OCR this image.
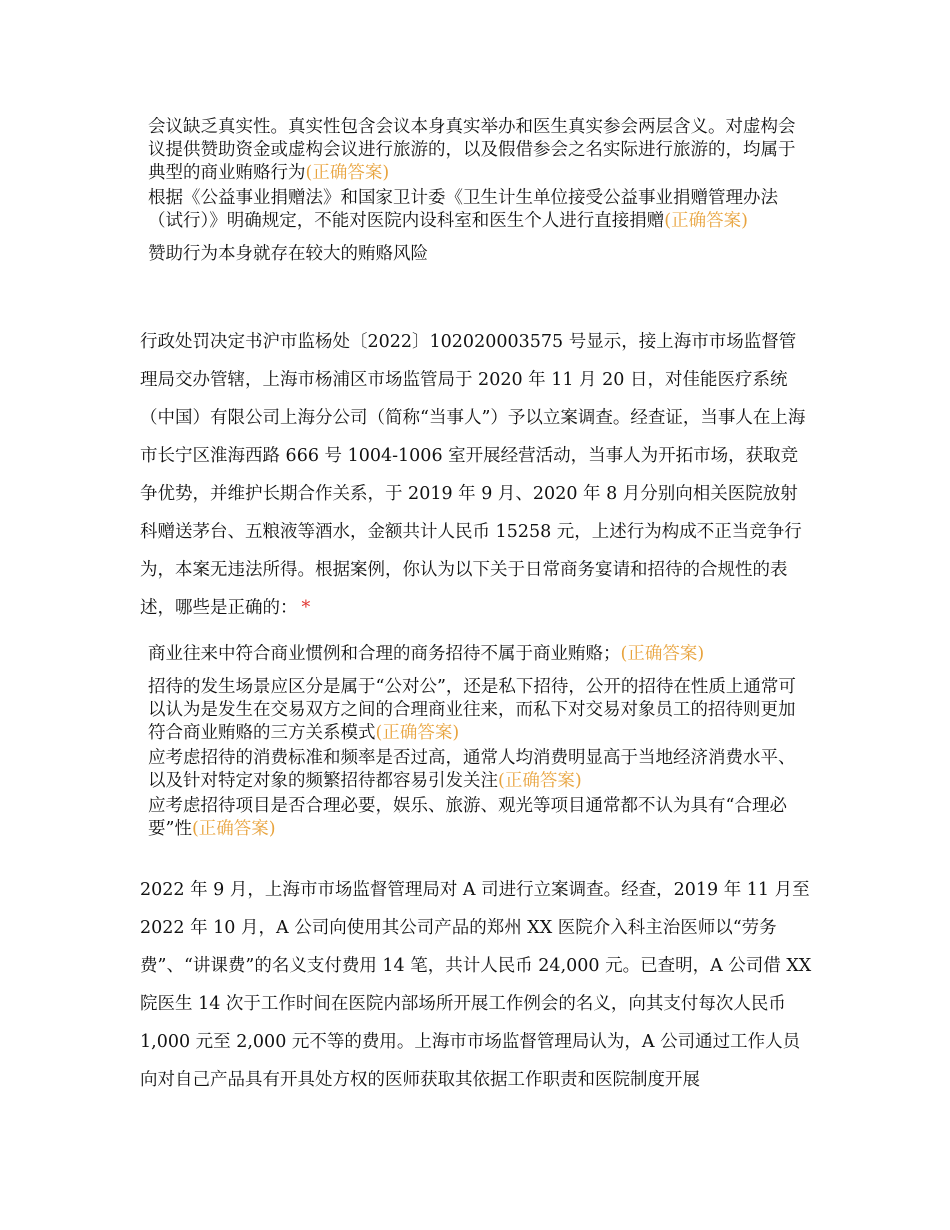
会议缺乏真实性。真实性包含会议本身真实举办和医生真实参会两层含义。对虚构会议提供赞助资金或虚构会议进行旅游的，以及假借参会之名实际进行旅游的，均属于典型的商业贿赂行为(正确答案)
根据《公益事业捐赠法》和国家卫计委《卫生计生单位接受公益事业捐赠管理办法（试行）》明确规定，不能对医院内设科室和医生个人进行直接捐赠(正确答案)
赞助行为本身就存在较大的贿赂风险
行政处罚决定书沪市监杨处〔2022〕102020003575 号显示，接上海市市场监督管理局交办管辖，上海市杨浦区市场监管局于 2020 年 11 月 20 日，对佳能医疗系统（中国）有限公司上海分公司（简称“当事人”）予以立案调查。经查证，当事人在上海市长宁区淮海西路 666 号 1004-1006 室开展经营活动，当事人为开拓市场，获取竞争优势，并维护长期合作关系，于 2019 年 9 月、2020 年 8 月分别向相关医院放射科赠送茅台、五粮液等酒水，金额共计人民币 15258 元，上述行为构成不正当竞争行为，本案无违法所得。根据案例，你认为以下关于日常商务宴请和招待的合规性的表述，哪些是正确的： *
商业往来中符合商业惯例和合理的商务招待不属于商业贿赂；(正确答案)
招待的发生场景应区分是属于“公对公”，还是私下招待，公开的招待在性质上通常可以认为是发生在交易双方之间的合理商业往来，而私下对交易对象员工的招待则更加符合商业贿赂的三方关系模式(正确答案)
应考虑招待的消费标准和频率是否过高，通常人均消费明显高于当地经济消费水平、以及针对特定对象的频繁招待都容易引发关注(正确答案)
应考虑招待项目是否合理必要，娱乐、旅游、观光等项目通常都不认为具有“合理必要”性(正确答案)
2022 年 9 月，上海市市场监督管理局对 A 司进行立案调查。经查，2019 年 11 月至 2022 年 10 月，A 公司向使用其公司产品的郑州 XX 医院介入科主治医师以“劳务费”、“讲课费”的名义支付费用 14 笔，共计人民币 24,000 元。已查明，A 公司借 XX 院医生 14 次于工作时间在医院内部场所开展工作例会的名义，向其支付每次人民币 1,000 元至 2,000 元不等的费用。上海市市场监督管理局认为，A 公司通过工作人员向对自己产品具有开具处方权的医师获取其依据工作职责和医院制度开展
